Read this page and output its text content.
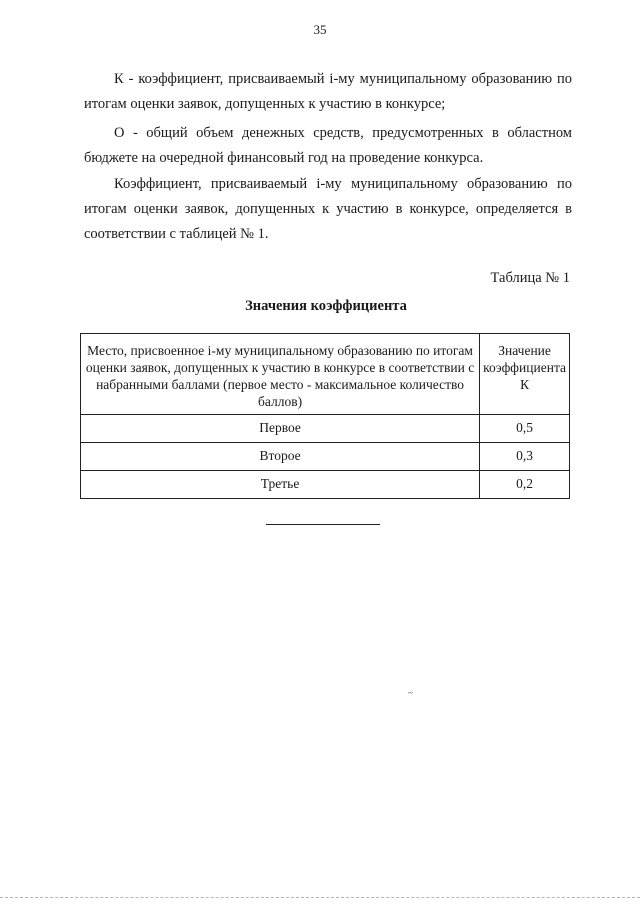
35

К - коэффициент, присваиваемый i-му муниципальному образованию по итогам оценки заявок, допущенных к участию в конкурсе;

О - общий объем денежных средств, предусмотренных в областном бюджете на очередной финансовый год на проведение конкурса.

Коэффициент, присваиваемый i-му муниципальному образованию по итогам оценки заявок, допущенных к участию в конкурсе, определяется в соответствии с таблицей № 1.

Таблица № 1
Значения коэффициента
Место, присвоенное i-му муниципальному образованию по итогам оценки заявок, допущенных к участию в конкурсе в соответствии с набранными баллами (первое место - максимальное количество баллов)	Значение коэффициента К
Первое	0,5
Второе	0,3
Третье	0,2
~
